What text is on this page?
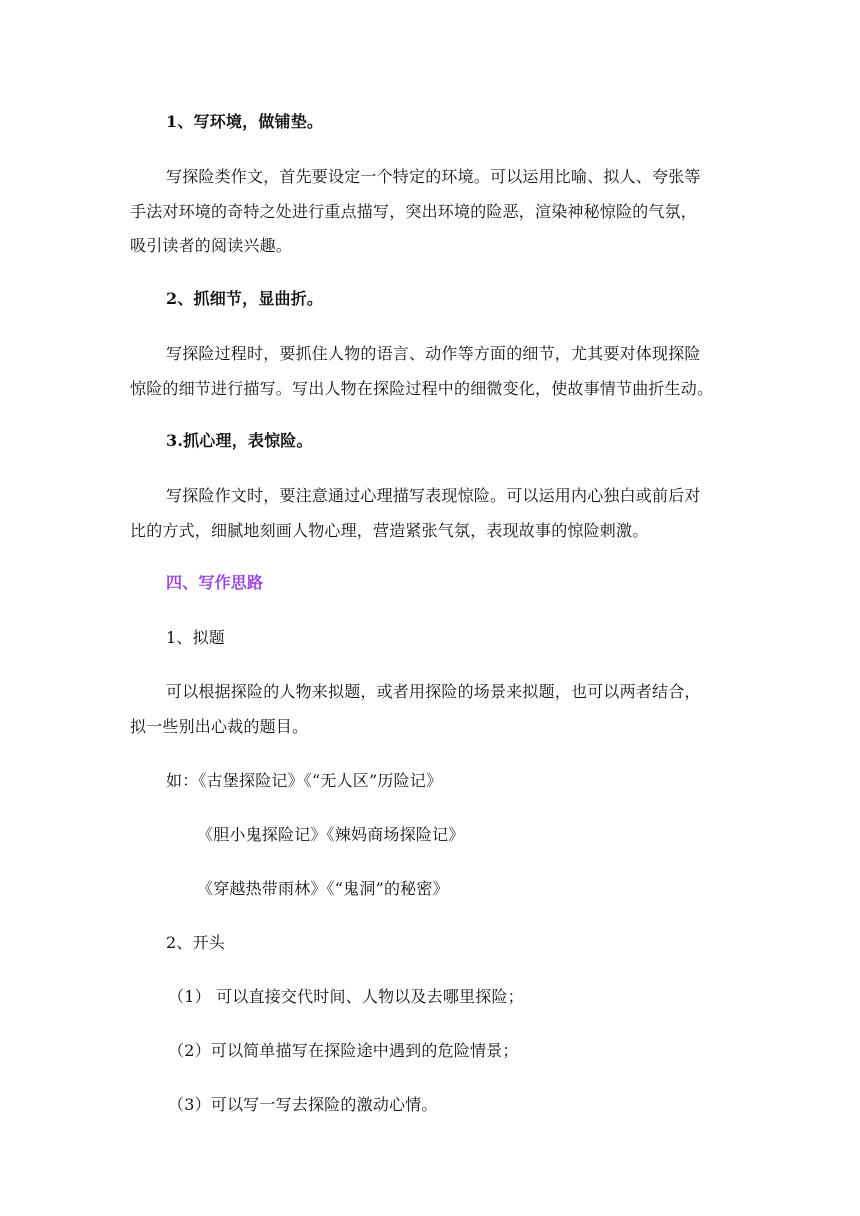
1、写环境，做铺垫。
写探险类作文，首先要设定一个特定的环境。可以运用比喻、拟人、夸张等
手法对环境的奇特之处进行重点描写，突出环境的险恶，渲染神秘惊险的气氛，
吸引读者的阅读兴趣。
2、抓细节，显曲折。
写探险过程时，要抓住人物的语言、动作等方面的细节，尤其要对体现探险
惊险的细节进行描写。写出人物在探险过程中的细微变化，使故事情节曲折生动。
3.抓心理，表惊险。
写探险作文时，要注意通过心理描写表现惊险。可以运用内心独白或前后对
比的方式，细腻地刻画人物心理，营造紧张气氛，表现故事的惊险刺激。
四、写作思路
1、拟题
可以根据探险的人物来拟题，或者用探险的场景来拟题，也可以两者结合，
拟一些别出心裁的题目。
如：《古堡探险记》《“无人区”历险记》
《胆小鬼探险记》《辣妈商场探险记》
《穿越热带雨林》《“鬼洞”的秘密》
2、开头
（1） 可以直接交代时间、人物以及去哪里探险；
（2）可以简单描写在探险途中遇到的危险情景；
（3）可以写一写去探险的激动心情。
